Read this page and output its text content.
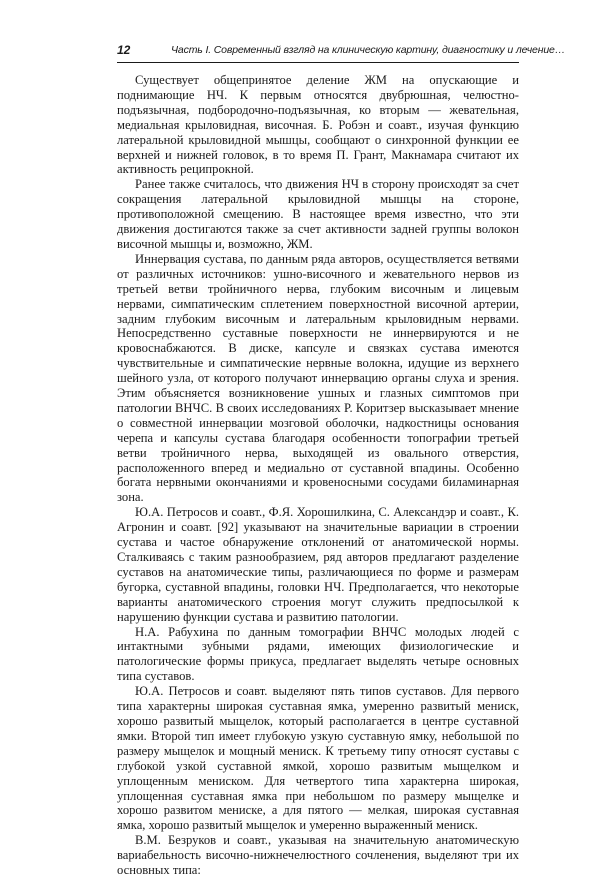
12	Часть I. Современный взгляд на клиническую картину, диагностику и лечение…

Существует общепринятое деление ЖМ на опускающие и поднимающие НЧ. К первым относятся двубрюшная, челюстно-подъязычная, подбородочно-подъязычная, ко вторым — жевательная, медиальная крыловидная, височная. Б. Робэн и соавт., изучая функцию латеральной крыловидной мышцы, сообщают о синхронной функции ее верхней и нижней головок, в то время П. Грант, Макнамара считают их активность реципрокной.

Ранее также считалось, что движения НЧ в сторону происходят за счет сокращения латеральной крыловидной мышцы на стороне, противоположной смещению. В настоящее время известно, что эти движения достигаются также за счет активности задней группы волокон височной мышцы и, возможно, ЖМ.

Иннервация сустава, по данным ряда авторов, осуществляется ветвями от различных источников: ушно-височного и жевательного нервов из третьей ветви тройничного нерва, глубоким височным и лицевым нервами, симпатическим сплетением поверхностной височной артерии, задним глубоким височным и латеральным крыловидным нервами. Непосредственно суставные поверхности не иннервируются и не кровоснабжаются. В диске, капсуле и связках сустава имеются чувствительные и симпатические нервные волокна, идущие из верхнего шейного узла, от которого получают иннервацию органы слуха и зрения. Этим объясняется возникновение ушных и глазных симптомов при патологии ВНЧС. В своих исследованиях Р. Коритзер высказывает мнение о совместной иннервации мозговой оболочки, надкостницы основания черепа и капсулы сустава благодаря особенности топографии третьей ветви тройничного нерва, выходящей из овального отверстия, расположенного вперед и медиально от суставной впадины. Особенно богата нервными окончаниями и кровеносными сосудами биламинарная зона.

Ю.А. Петросов и соавт., Ф.Я. Хорошилкина, С. Александэр и соавт., К. Агронин и соавт. [92] указывают на значительные вариации в строении сустава и частое обнаружение отклонений от анатомической нормы. Сталкиваясь с таким разнообразием, ряд авторов предлагают разделение суставов на анатомические типы, различающиеся по форме и размерам бугорка, суставной впадины, головки НЧ. Предполагается, что некоторые варианты анатомического строения могут служить предпосылкой к нарушению функции сустава и развитию патологии.

Н.А. Рабухина по данным томографии ВНЧС молодых людей с интактными зубными рядами, имеющих физиологические и патологические формы прикуса, предлагает выделять четыре основных типа суставов.

Ю.А. Петросов и соавт. выделяют пять типов суставов. Для первого типа характерны широкая суставная ямка, умеренно развитый мениск, хорошо развитый мыщелок, который располагается в центре суставной ямки. Второй тип имеет глубокую узкую суставную ямку, небольшой по размеру мыщелок и мощный мениск. К третьему типу относят суставы с глубокой узкой суставной ямкой, хорошо развитым мыщелком и уплощенным мениском. Для четвертого типа характерна широкая, уплощенная суставная ямка при небольшом по размеру мыщелке и хорошо развитом мениске, а для пятого — мелкая, широкая суставная ямка, хорошо развитый мыщелок и умеренно выраженный мениск.

В.М. Безруков и соавт., указывая на значительную анатомическую вариабельность височно-нижнечелюстного сочленения, выделяют три их основных типа:
